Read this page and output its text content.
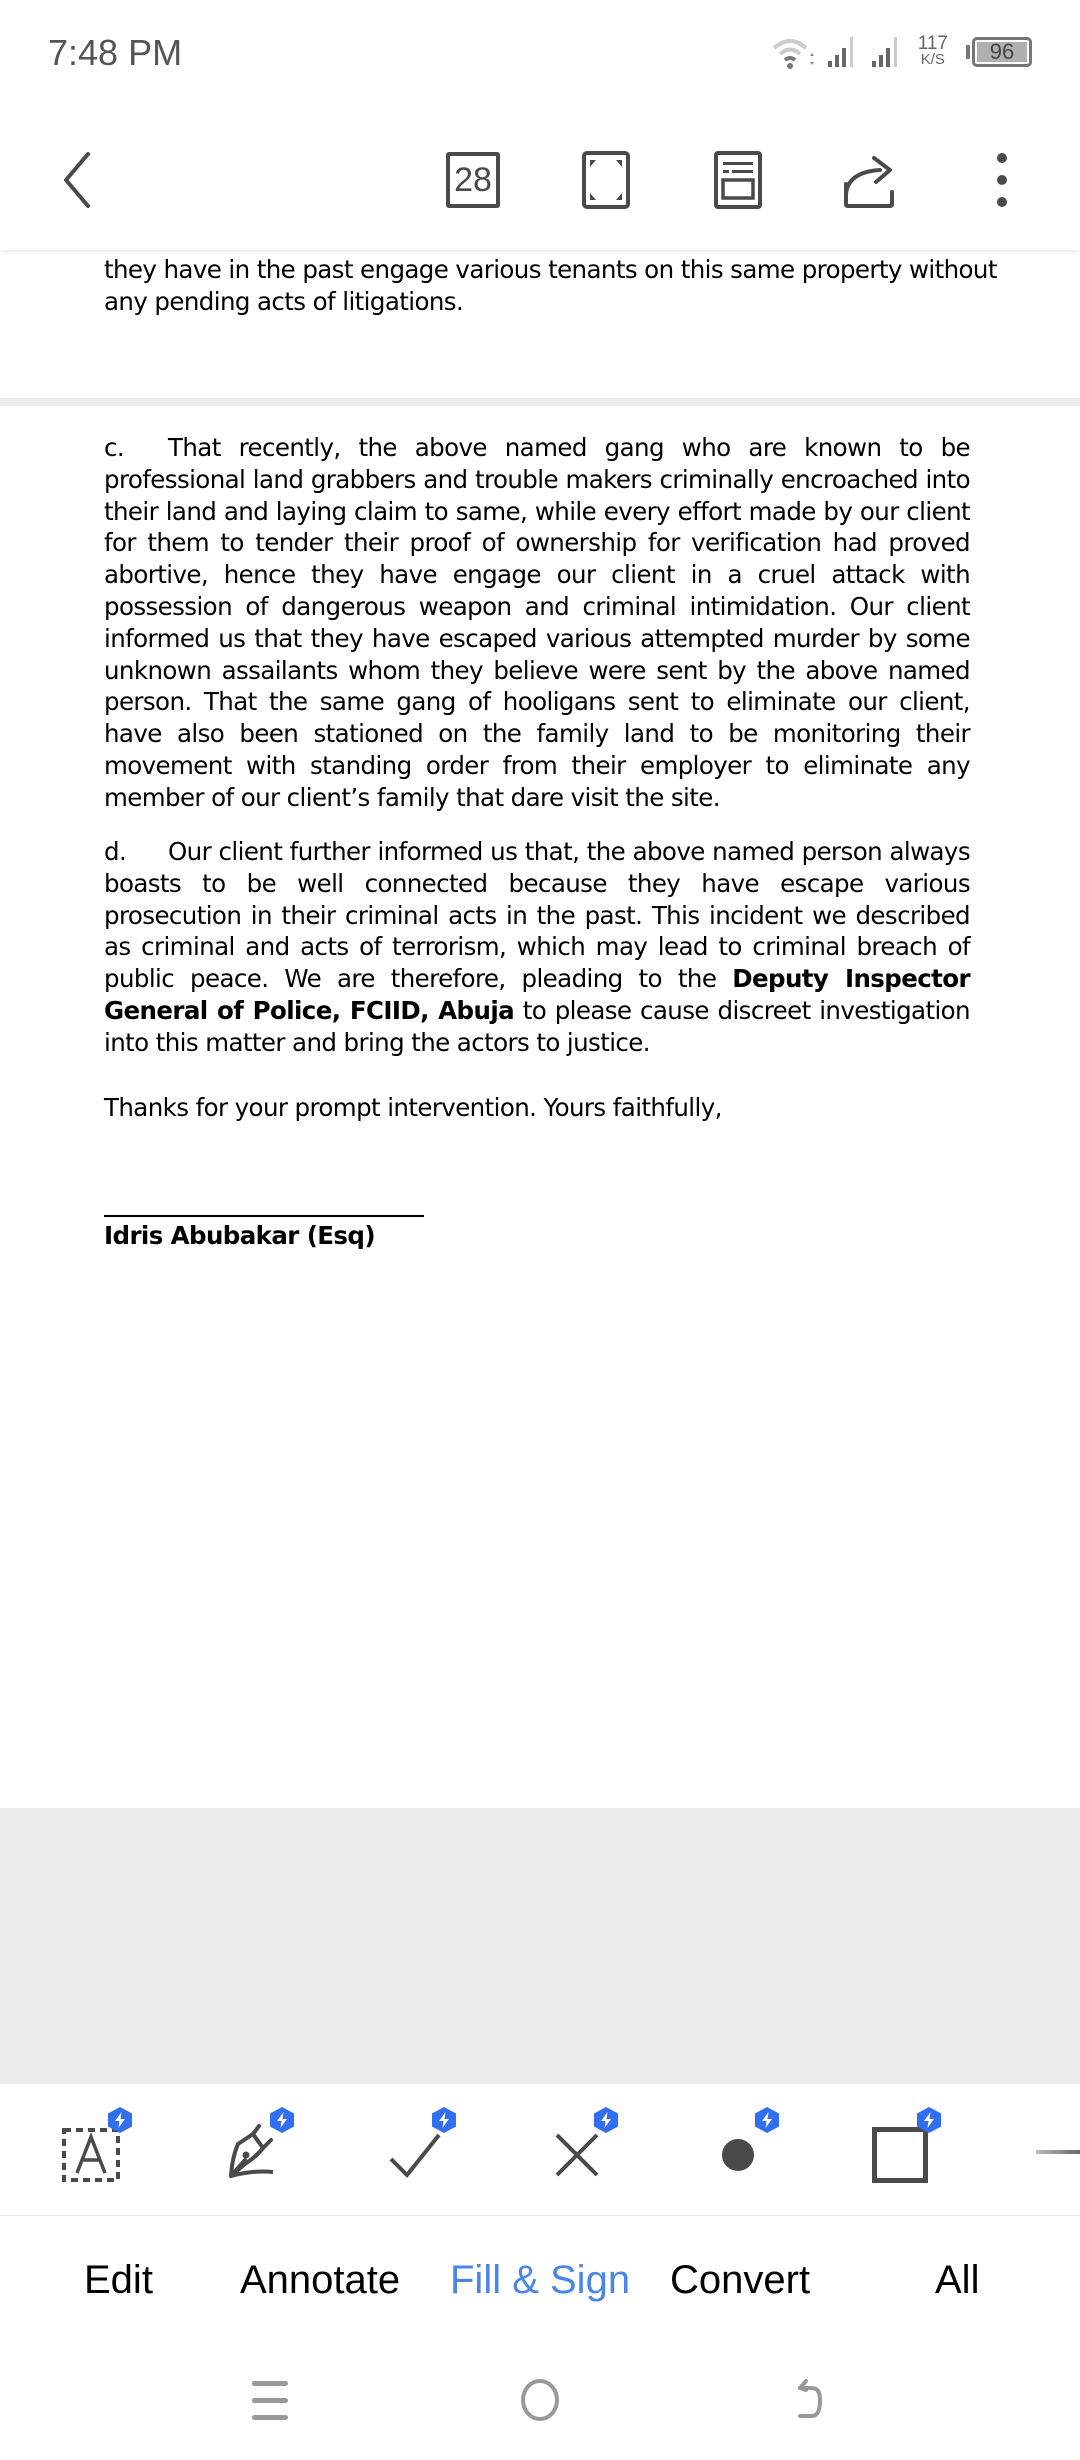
7:48 PM	117
K/S	96
28
they have in the past engage various tenants on this same property without
any pending acts of litigations.
c. That recently, the above named gang who are known to be professional land grabbers and trouble makers criminally encroached into their land and laying claim to same, while every effort made by our client for them to tender their proof of ownership for verification had proved abortive, hence they have engage our client in a cruel attack with possession of dangerous weapon and criminal intimidation. Our client informed us that they have escaped various attempted murder by some unknown assailants whom they believe were sent by the above named person. That the same gang of hooligans sent to eliminate our client, have also been stationed on the family land to be monitoring their movement with standing order from their employer to eliminate any member of our client’s family that dare visit the site.
d. Our client further informed us that, the above named person always boasts to be well connected because they have escape various prosecution in their criminal acts in the past. This incident we described as criminal and acts of terrorism, which may lead to criminal breach of public peace. We are therefore, pleading to the Deputy Inspector General of Police, FCIID, Abuja to please cause discreet investigation into this matter and bring the actors to justice.
Thanks for your prompt intervention. Yours faithfully,
Idris Abubakar (Esq)
Edit Annotate Fill & Sign Convert	All
